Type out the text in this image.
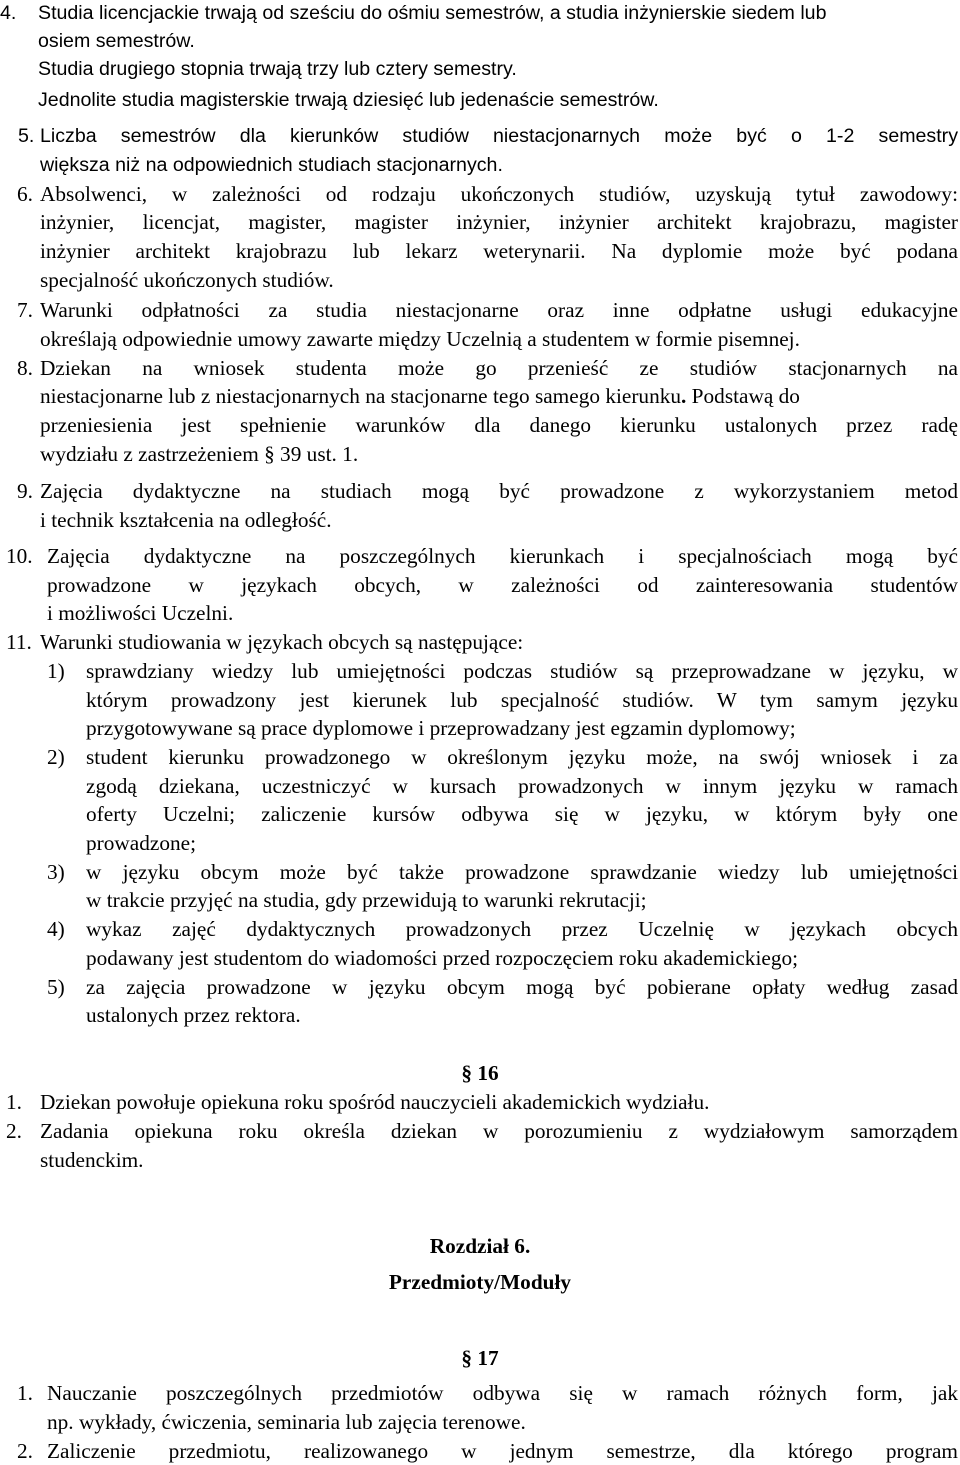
4. Studia licencjackie trwają od sześciu do ośmiu semestrów, a studia inżynierskie siedem lub
osiem semestrów.
Studia drugiego stopnia trwają trzy lub cztery semestry.
Jednolite studia magisterskie trwają dziesięć lub jedenaście semestrów.
5. Liczba semestrów dla kierunków studiów niestacjonarnych może być o 1-2 semestry
większa niż na odpowiednich studiach stacjonarnych.
6. Absolwenci, w zależności od rodzaju ukończonych studiów, uzyskują tytuł zawodowy:
inżynier, licencjat, magister, magister inżynier, inżynier architekt krajobrazu, magister
inżynier architekt krajobrazu lub lekarz weterynarii. Na dyplomie może być podana
specjalność ukończonych studiów.
7. Warunki odpłatności za studia niestacjonarne oraz inne odpłatne usługi edukacyjne
określają odpowiednie umowy zawarte między Uczelnią a studentem w formie pisemnej.
8. Dziekan na wniosek studenta może go przenieść ze studiów stacjonarnych na
niestacjonarne lub z niestacjonarnych na stacjonarne tego samego kierunku. Podstawą do
przeniesienia jest spełnienie warunków dla danego kierunku ustalonych przez radę
wydziału z zastrzeżeniem § 39 ust. 1.
9. Zajęcia dydaktyczne na studiach mogą być prowadzone z wykorzystaniem metod
i technik kształcenia na odległość.
10. Zajęcia dydaktyczne na poszczególnych kierunkach i specjalnościach mogą być
prowadzone w językach obcych, w zależności od zainteresowania studentów
i możliwości Uczelni.
11. Warunki studiowania w językach obcych są następujące:
1) sprawdziany wiedzy lub umiejętności podczas studiów są przeprowadzane w języku, w
którym prowadzony jest kierunek lub specjalność studiów. W tym samym języku
przygotowywane są prace dyplomowe i przeprowadzany jest egzamin dyplomowy;
2) student kierunku prowadzonego w określonym języku może, na swój wniosek i za
zgodą dziekana, uczestniczyć w kursach prowadzonych w innym języku w ramach
oferty Uczelni; zaliczenie kursów odbywa się w języku, w którym były one
prowadzone;
3) w języku obcym może być także prowadzone sprawdzanie wiedzy lub umiejętności
w trakcie przyjęć na studia, gdy przewidują to warunki rekrutacji;
4) wykaz zajęć dydaktycznych prowadzonych przez Uczelnię w językach obcych
podawany jest studentom do wiadomości przed rozpoczęciem roku akademickiego;
5) za zajęcia prowadzone w języku obcym mogą być pobierane opłaty według zasad
ustalonych przez rektora.
§ 16
1. Dziekan powołuje opiekuna roku spośród nauczycieli akademickich wydziału.
2. Zadania opiekuna roku określa dziekan w porozumieniu z wydziałowym samorządem
studenckim.
Rozdział 6.
Przedmioty/Moduły
§ 17
1. Nauczanie poszczególnych przedmiotów odbywa się w ramach różnych form, jak
np. wykłady, ćwiczenia, seminaria lub zajęcia terenowe.
2. Zaliczenie przedmiotu, realizowanego w jednym semestrze, dla którego program
